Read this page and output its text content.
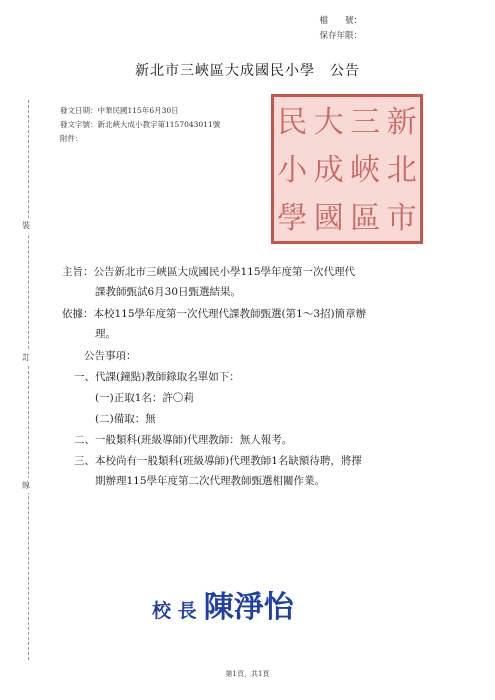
檔　　號：
保存年限：
新北市三峽區大成國民小學　公告
發文日期：中華民國115年6月30日
發文字號：新北峽大成小教字第1157043011號
附件：
裝
訂
線
新
北
市
三
峽
區
大
成
國
民
小
學
主旨：公告新北市三峽區大成國民小學115學年度第一次代理代
課教師甄試6月30日甄選結果。
依據：本校115學年度第一次代理代課教師甄選(第1～3招)簡章辦
理。
公告事項：
一、代課(鐘點)教師錄取名單如下：
(一)正取1名：許〇莉
(二)備取：無
二、一般類科(班級導師)代理教師：無人報考。
三、本校尚有一般類科(班級導師)代理教師1名缺額待聘，將擇
期辦理115學年度第二次代理教師甄選相關作業。
校 長 陳淨怡
第1頁，共1頁
